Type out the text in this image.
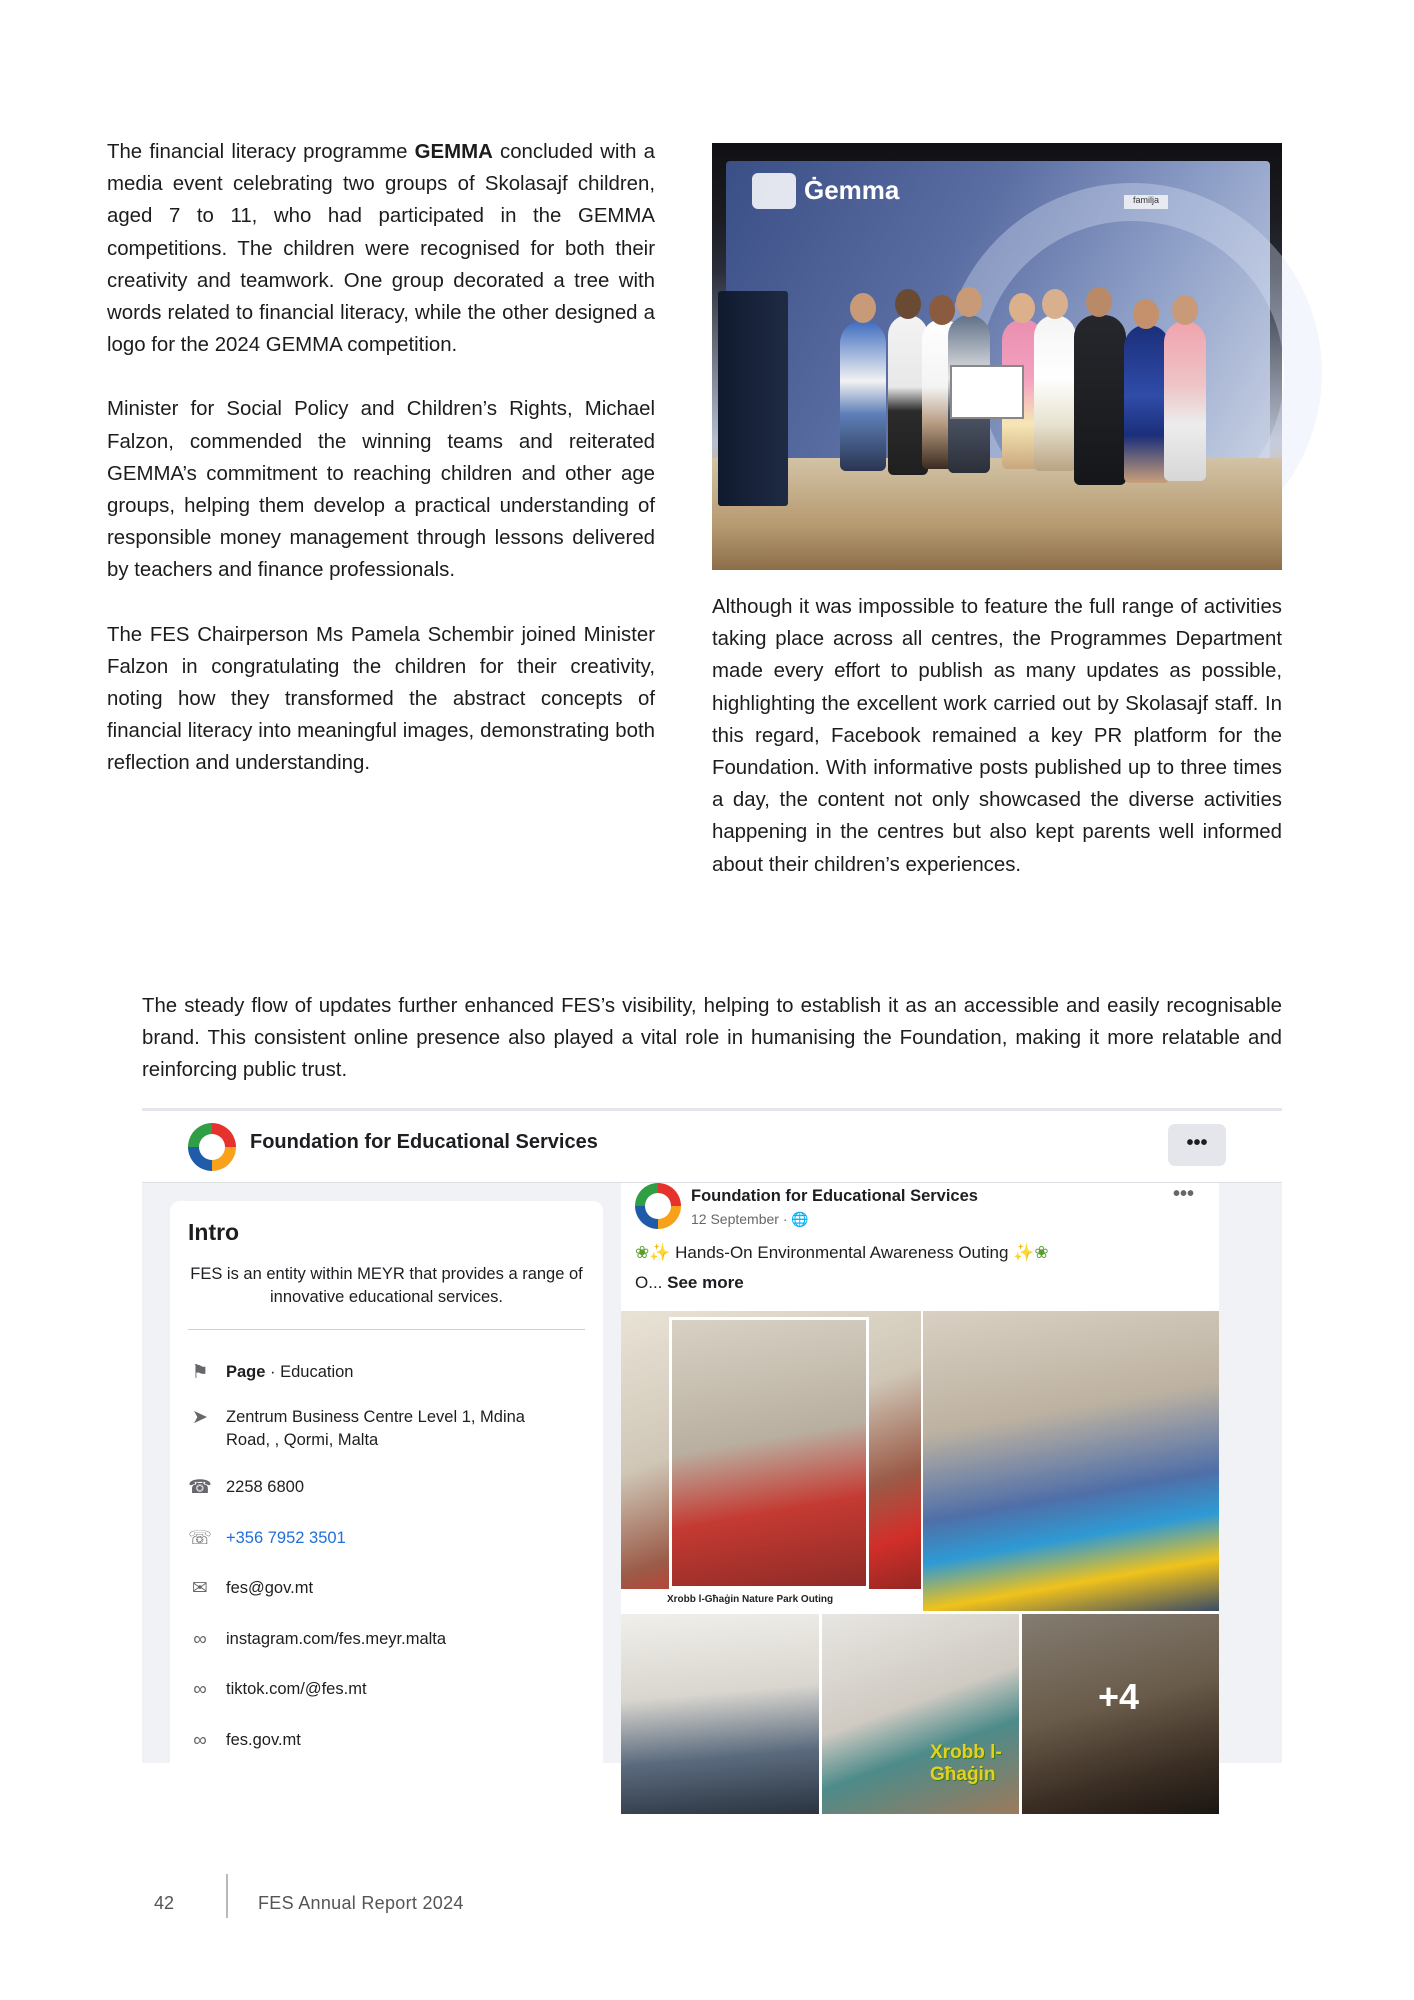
The financial literacy programme GEMMA concluded with a media event celebrating two groups of Skolasajf children, aged 7 to 11, who had participated in the GEMMA competitions. The children were recognised for both their creativity and teamwork. One group decorated a tree with words related to financial literacy, while the other designed a logo for the 2024 GEMMA competition.

Minister for Social Policy and Children’s Rights, Michael Falzon, commended the winning teams and reiterated GEMMA’s commitment to reaching children and other age groups, helping them develop a practical understanding of responsible money management through lessons delivered by teachers and finance professionals.

The FES Chairperson Ms Pamela Schembir joined Minister Falzon in congratulating the children for their creativity, noting how they transformed the abstract concepts of financial literacy into meaningful images, demonstrating both reflection and understanding.

Ġemma	familja

Although it was impossible to feature the full range of activities taking place across all centres, the Programmes Department made every effort to publish as many updates as possible, highlighting the excellent work carried out by Skolasajf staff. In this regard, Facebook remained a key PR platform for the Foundation. With informative posts published up to three times a day, the content not only showcased the diverse activities happening in the centres but also kept parents well informed about their children’s experiences.

The steady flow of updates further enhanced FES’s visibility, helping to establish it as an accessible and easily recognisable brand. This consistent online presence also played a vital role in humanising the Foundation, making it more relatable and reinforcing public trust.
Foundation for Educational Services	•••
Intro
FES is an entity within MEYR that provides a range of innovative educational services.
⚑ Page · Education
➤ Zentrum Business Centre Level 1, Mdina Road, , Qormi, Malta
☎ 2258 6800
☏ +356 7952 3501
✉ fes@gov.mt
∞	instagram.com/fes.meyr.malta
∞	tiktok.com/@fes.mt
∞	fes.gov.mt
Foundation for Educational Services
12 September · 🌐
•••
❀✨ Hands-On Environmental Awareness Outing ✨❀
O... See more
Xrobb l-Għaġin Nature Park Outing
Xrobb l-Għaġin
+4
42	FES Annual Report 2024
